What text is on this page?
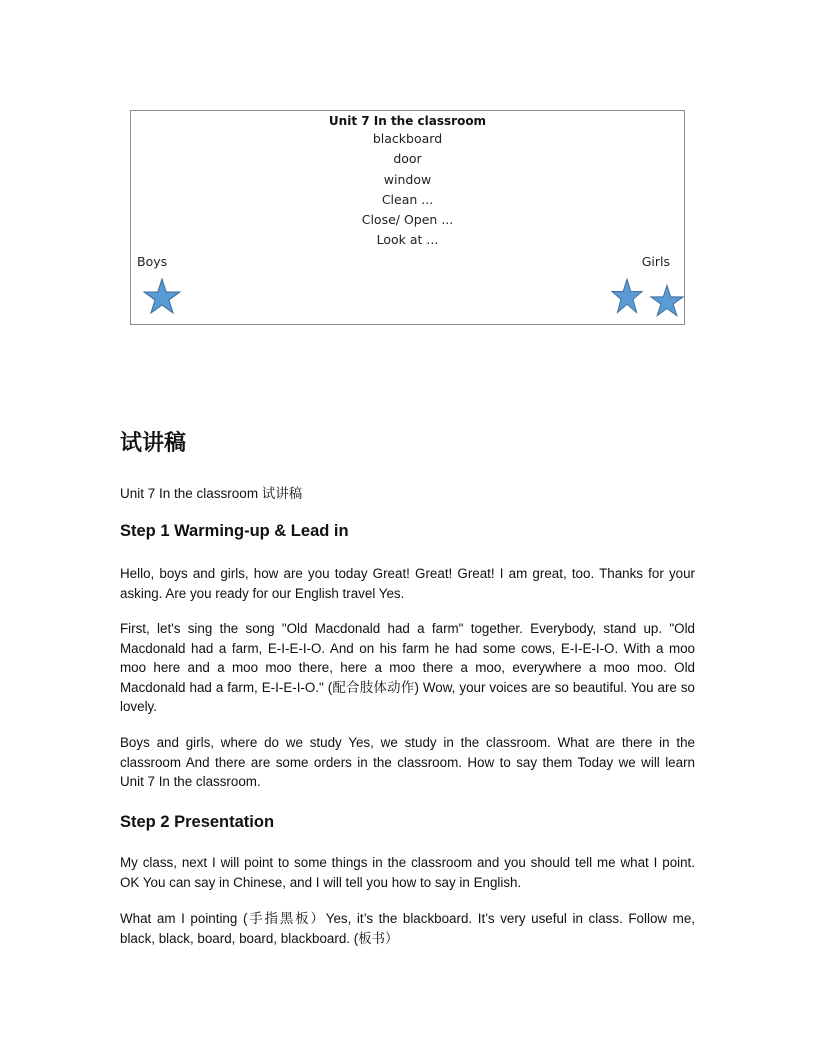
Unit 7 In the classroom

blackboard

door

window

Clean ...

Close/ Open ...

Look at ...

Boys	Girls
试讲稿

Unit 7 In the classroom 试讲稿

Step 1 Warming-up & Lead in

Hello, boys and girls, how are you today Great! Great! Great! I am great, too. Thanks for your asking. Are you ready for our English travel Yes.

First, let's sing the song "Old Macdonald had a farm" together. Everybody, stand up. "Old Macdonald had a farm, E-I-E-I-O. And on his farm he had some cows, E-I-E-I-O. With a moo moo here and a moo moo there, here a moo there a moo, everywhere a moo moo. Old Macdonald had a farm, E-I-E-I-O." (配合肢体动作) Wow, your voices are so beautiful. You are so lovely.

Boys and girls, where do we study Yes, we study in the classroom. What are there in the classroom And there are some orders in the classroom. How to say them Today we will learn Unit 7 In the classroom.

Step 2 Presentation

My class, next I will point to some things in the classroom and you should tell me what I point. OK You can say in Chinese, and I will tell you how to say in English.

What am I pointing (手指黑板）Yes, it’s the blackboard. It’s very useful in class. Follow me, black, black, board, board, blackboard. (板书）
